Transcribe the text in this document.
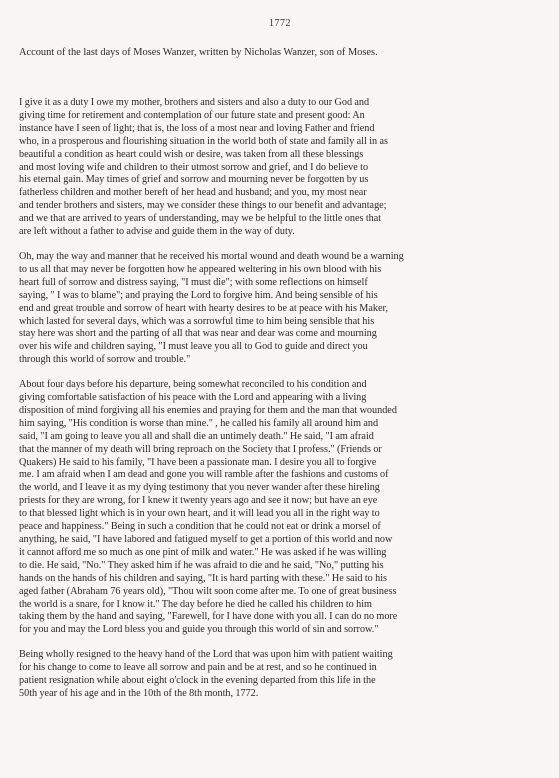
1772
Account of the last days of Moses Wanzer, written by Nicholas Wanzer, son of Moses.
I give it as a duty I owe my mother, brothers and sisters and also a duty to our God and
giving time for retirement and contemplation of our future state and present good: An
instance have I seen of light; that is, the loss of a most near and loving Father and friend
who, in a prosperous and flourishing situation in the world both of state and family all in as
beautiful a condition as heart could wish or desire, was taken from all these blessings
and most loving wife and children to their utmost sorrow and grief, and I do believe to
his eternal gain. May times of grief and sorrow and mourning never be forgotten by us
fatherless children and mother bereft of her head and husband; and you, my most near
and tender brothers and sisters, may we consider these things to our benefit and advantage;
and we that are arrived to years of understanding, may we be helpful to the little ones that
are left without a father to advise and guide them in the way of duty.
Oh, may the way and manner that he received his mortal wound and death wound be a warning
to us all that may never be forgotten how he appeared weltering in his own blood with his
heart full of sorrow and distress saying, "I must die"; with some reflections on himself
saying, " I was to blame"; and praying the Lord to forgive him. And being sensible of his
end and great trouble and sorrow of heart with hearty desires to be at peace with his Maker,
which lasted for several days, which was a sorrowful time to him being sensible that his
stay here was short and the parting of all that was near and dear was come and mourning
over his wife and children saying, "I must leave you all to God to guide and direct you
through this world of sorrow and trouble."
About four days before his departure, being somewhat reconciled to his condition and
giving comfortable satisfaction of his peace with the Lord and appearing with a living
disposition of mind forgiving all his enemies and praying for them and the man that wounded
him saying, "His condition is worse than mine." , he called his family all around him and
said, "I am going to leave you all and shall die an untimely death." He said, "I am afraid
that the manner of my death will bring reproach on the Society that I profess." (Friends or
Quakers) He said to his family, "I have been a passionate man. I desire you all to forgive
me. I am afraid when I am dead and gone you will ramble after the fashions and customs of
the world, and I leave it as my dying testimony that you never wander after these hireling
priests for they are wrong, for I knew it twenty years ago and see it now; but have an eye
to that blessed light which is in your own heart, and it will lead you all in the right way to
peace and happiness." Being in such a condition that he could not eat or drink a morsel of
anything, he said, "I have labored and fatigued myself to get a portion of this world and now
it cannot afford me so much as one pint of milk and water." He was asked if he was willing
to die. He said, "No." They asked him if he was afraid to die and he said, "No," putting his
hands on the hands of his children and saying, "It is hard parting with these." He said to his
aged father (Abraham 76 years old), "Thou wilt soon come after me. To one of great business
the world is a snare, for I know it." The day before he died he called his children to him
taking them by the hand and saying, "Farewell, for I have done with you all. I can do no more
for you and may the Lord bless you and guide you through this world of sin and sorrow."
Being wholly resigned to the heavy hand of the Lord that was upon him with patient waiting
for his change to come to leave all sorrow and pain and be at rest, and so he continued in
patient resignation while about eight o'clock in the evening departed from this life in the
50th year of his age and in the 10th of the 8th month, 1772.
